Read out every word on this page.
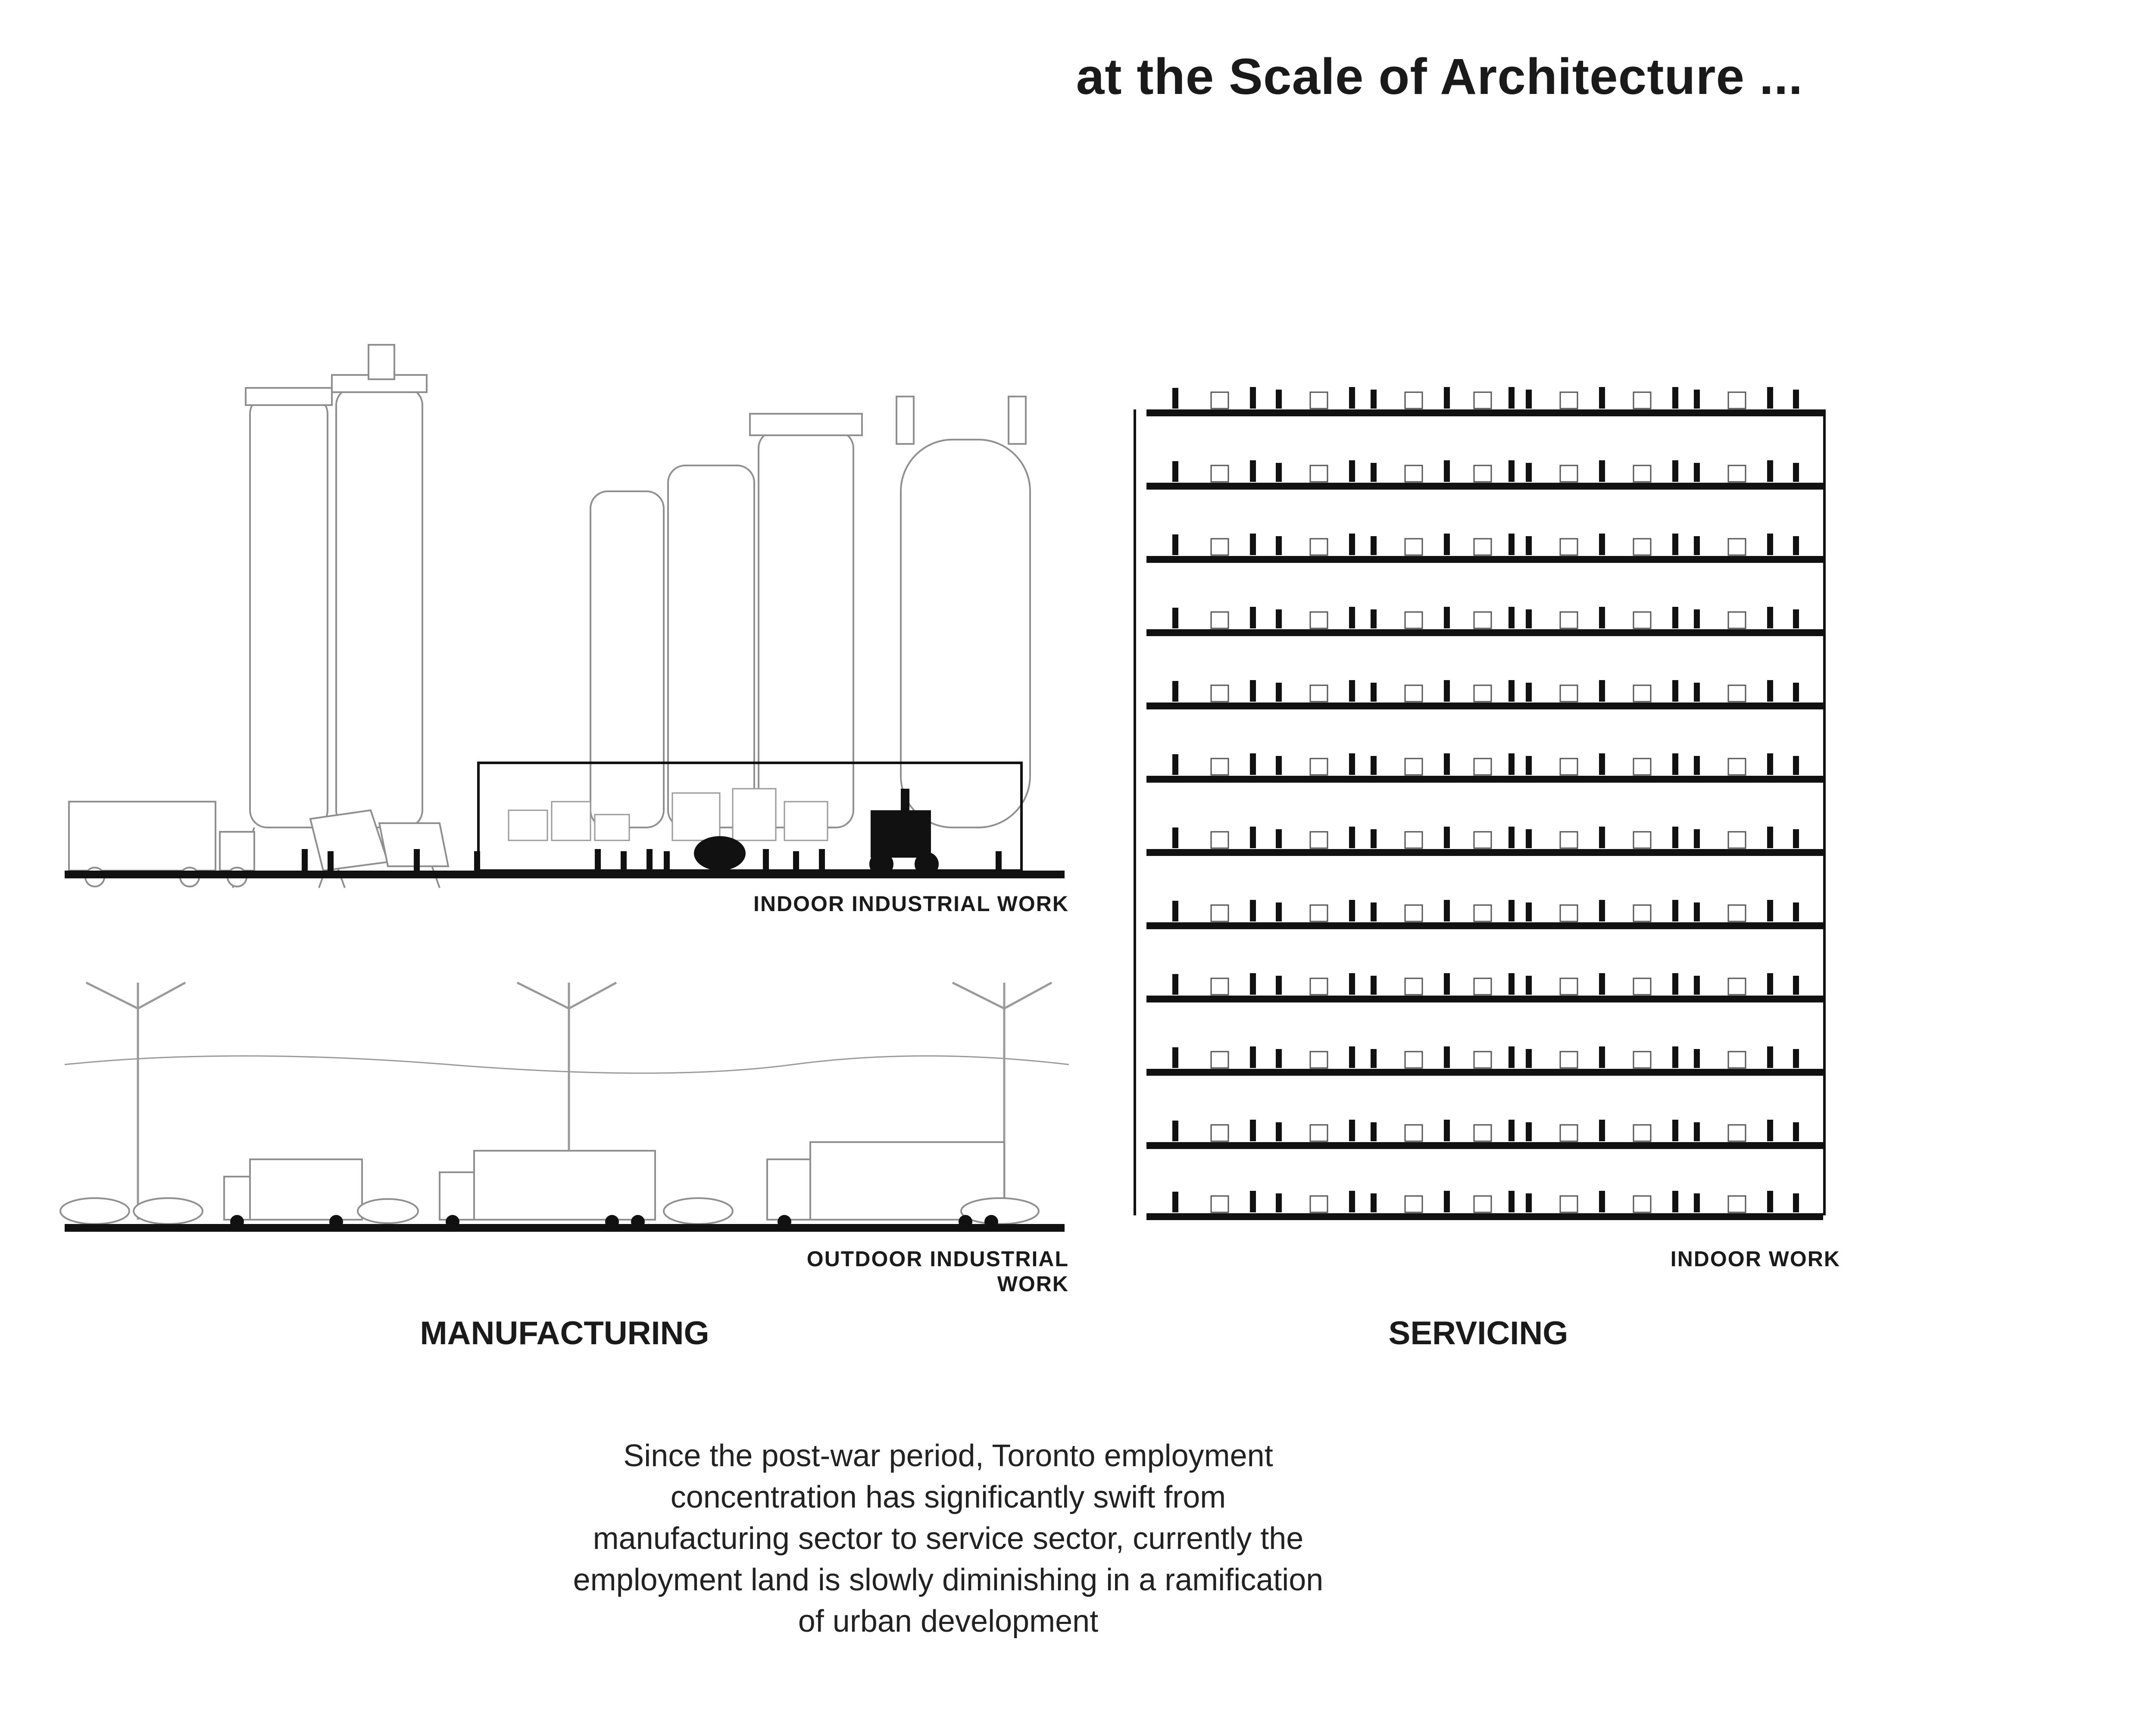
at the Scale of Architecture ...
INDOOR INDUSTRIAL WORK
OUTDOOR INDUSTRIAL WORK
MANUFACTURING
INDOOR WORK
SERVICING
Since the post-war period, Toronto employment
concentration has significantly swift from
manufacturing sector to service sector, currently the
employment land is slowly diminishing in a ramification
of urban development
